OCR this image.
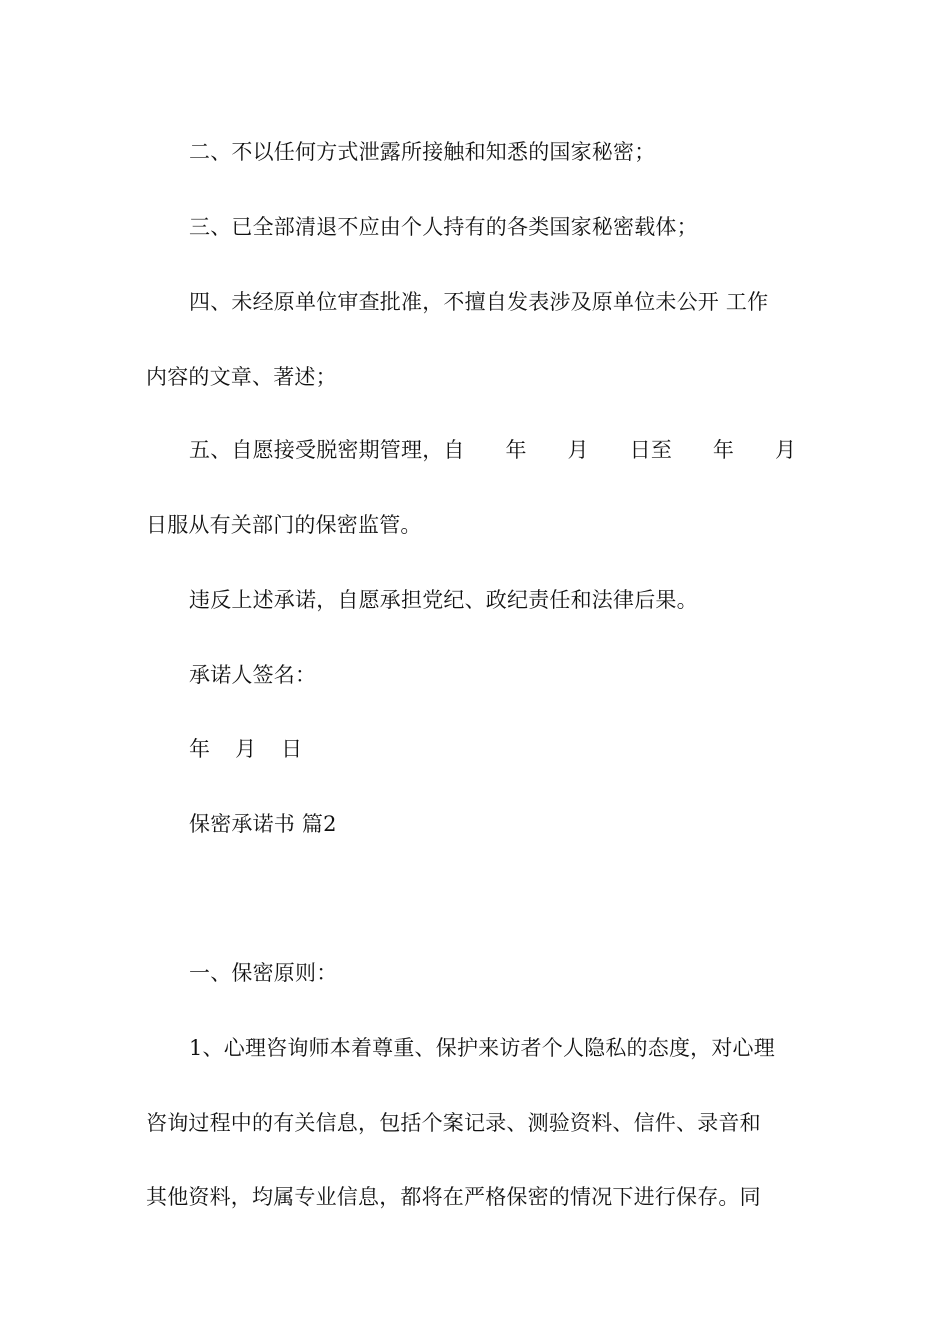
二、不以任何方式泄露所接触和知悉的国家秘密；
三、已全部清退不应由个人持有的各类国家秘密载体；
四、未经原单位审查批准，不擅自发表涉及原单位未公开 工作
内容的文章、著述；
五、自愿接受脱密期管理，自 年 月 日至 年 月
日服从有关部门的保密监管。
违反上述承诺，自愿承担党纪、政纪责任和法律后果。
承诺人签名：
年 月 日
保密承诺书 篇2
一、保密原则：
1、心理咨询师本着尊重、保护来访者个人隐私的态度，对心理
咨询过程中的有关信息，包括个案记录、测验资料、信件、录音和
其他资料，均属专业信息，都将在严格保密的情况下进行保存。同
